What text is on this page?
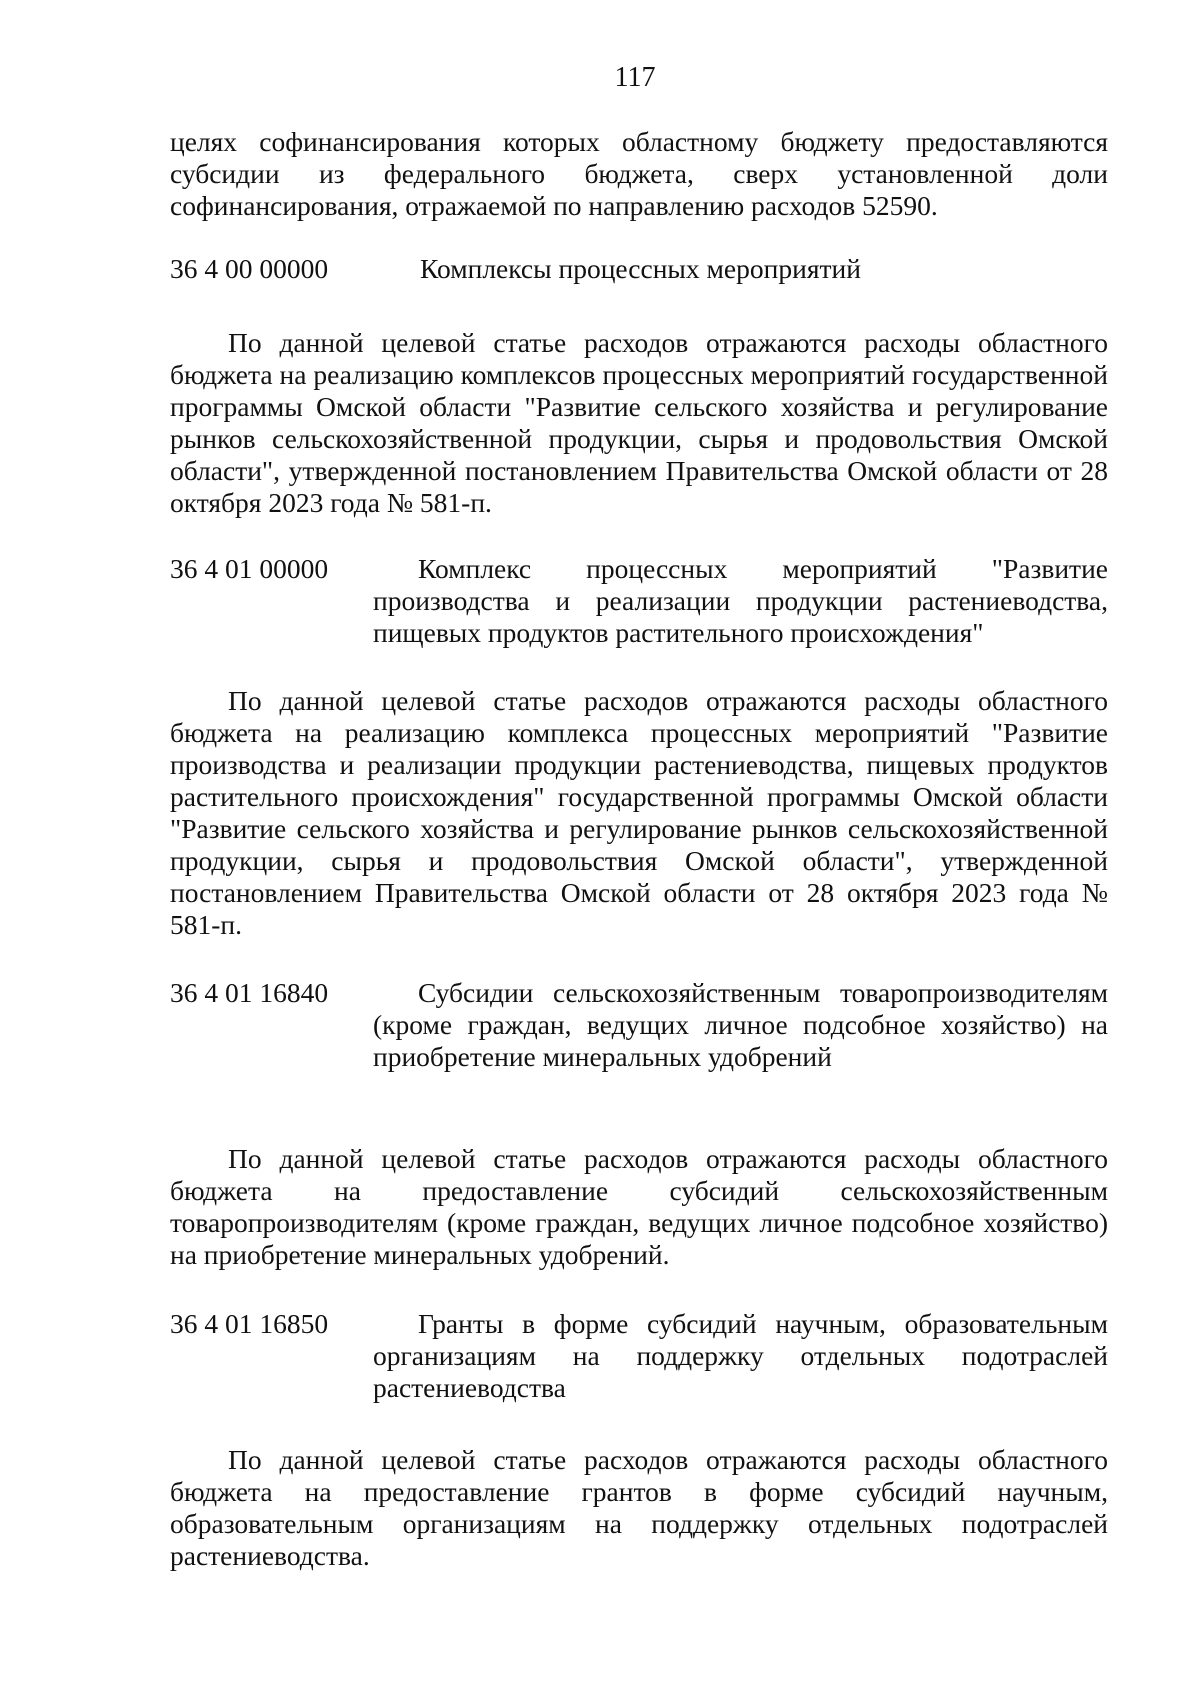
117

целях софинансирования которых областному бюджету предоставляются субсидии из федерального бюджета, сверх установленной доли софинансирования, отражаемой по направлению расходов 52590.

36 4 00 00000	Комплексы процессных мероприятий

По данной целевой статье расходов отражаются расходы областного бюджета на реализацию комплексов процессных мероприятий государственной программы Омской области "Развитие сельского хозяйства и регулирование рынков сельскохозяйственной продукции, сырья и продовольствия Омской области", утвержденной постановлением Правительства Омской области от 28 октября 2023 года № 581-п.

36 4 01 00000	Комплекс процессных мероприятий "Развитие производства и реализации продукции растениеводства, пищевых продуктов растительного происхождения"

По данной целевой статье расходов отражаются расходы областного бюджета на реализацию комплекса процессных мероприятий "Развитие производства и реализации продукции растениеводства, пищевых продуктов растительного происхождения" государственной программы Омской области "Развитие сельского хозяйства и регулирование рынков сельскохозяйственной продукции, сырья и продовольствия Омской области", утвержденной постановлением Правительства Омской области от 28 октября 2023 года № 581-п.

36 4 01 16840	Субсидии сельскохозяйственным товаропроизводителям (кроме граждан, ведущих личное подсобное хозяйство) на приобретение минеральных удобрений

По данной целевой статье расходов отражаются расходы областного бюджета на предоставление субсидий сельскохозяйственным товаропроизводителям (кроме граждан, ведущих личное подсобное хозяйство) на приобретение минеральных удобрений.

36 4 01 16850	Гранты в форме субсидий научным, образовательным организациям на поддержку отдельных подотраслей растениеводства

По данной целевой статье расходов отражаются расходы областного бюджета на предоставление грантов в форме субсидий научным, образовательным организациям на поддержку отдельных подотраслей растениеводства.
